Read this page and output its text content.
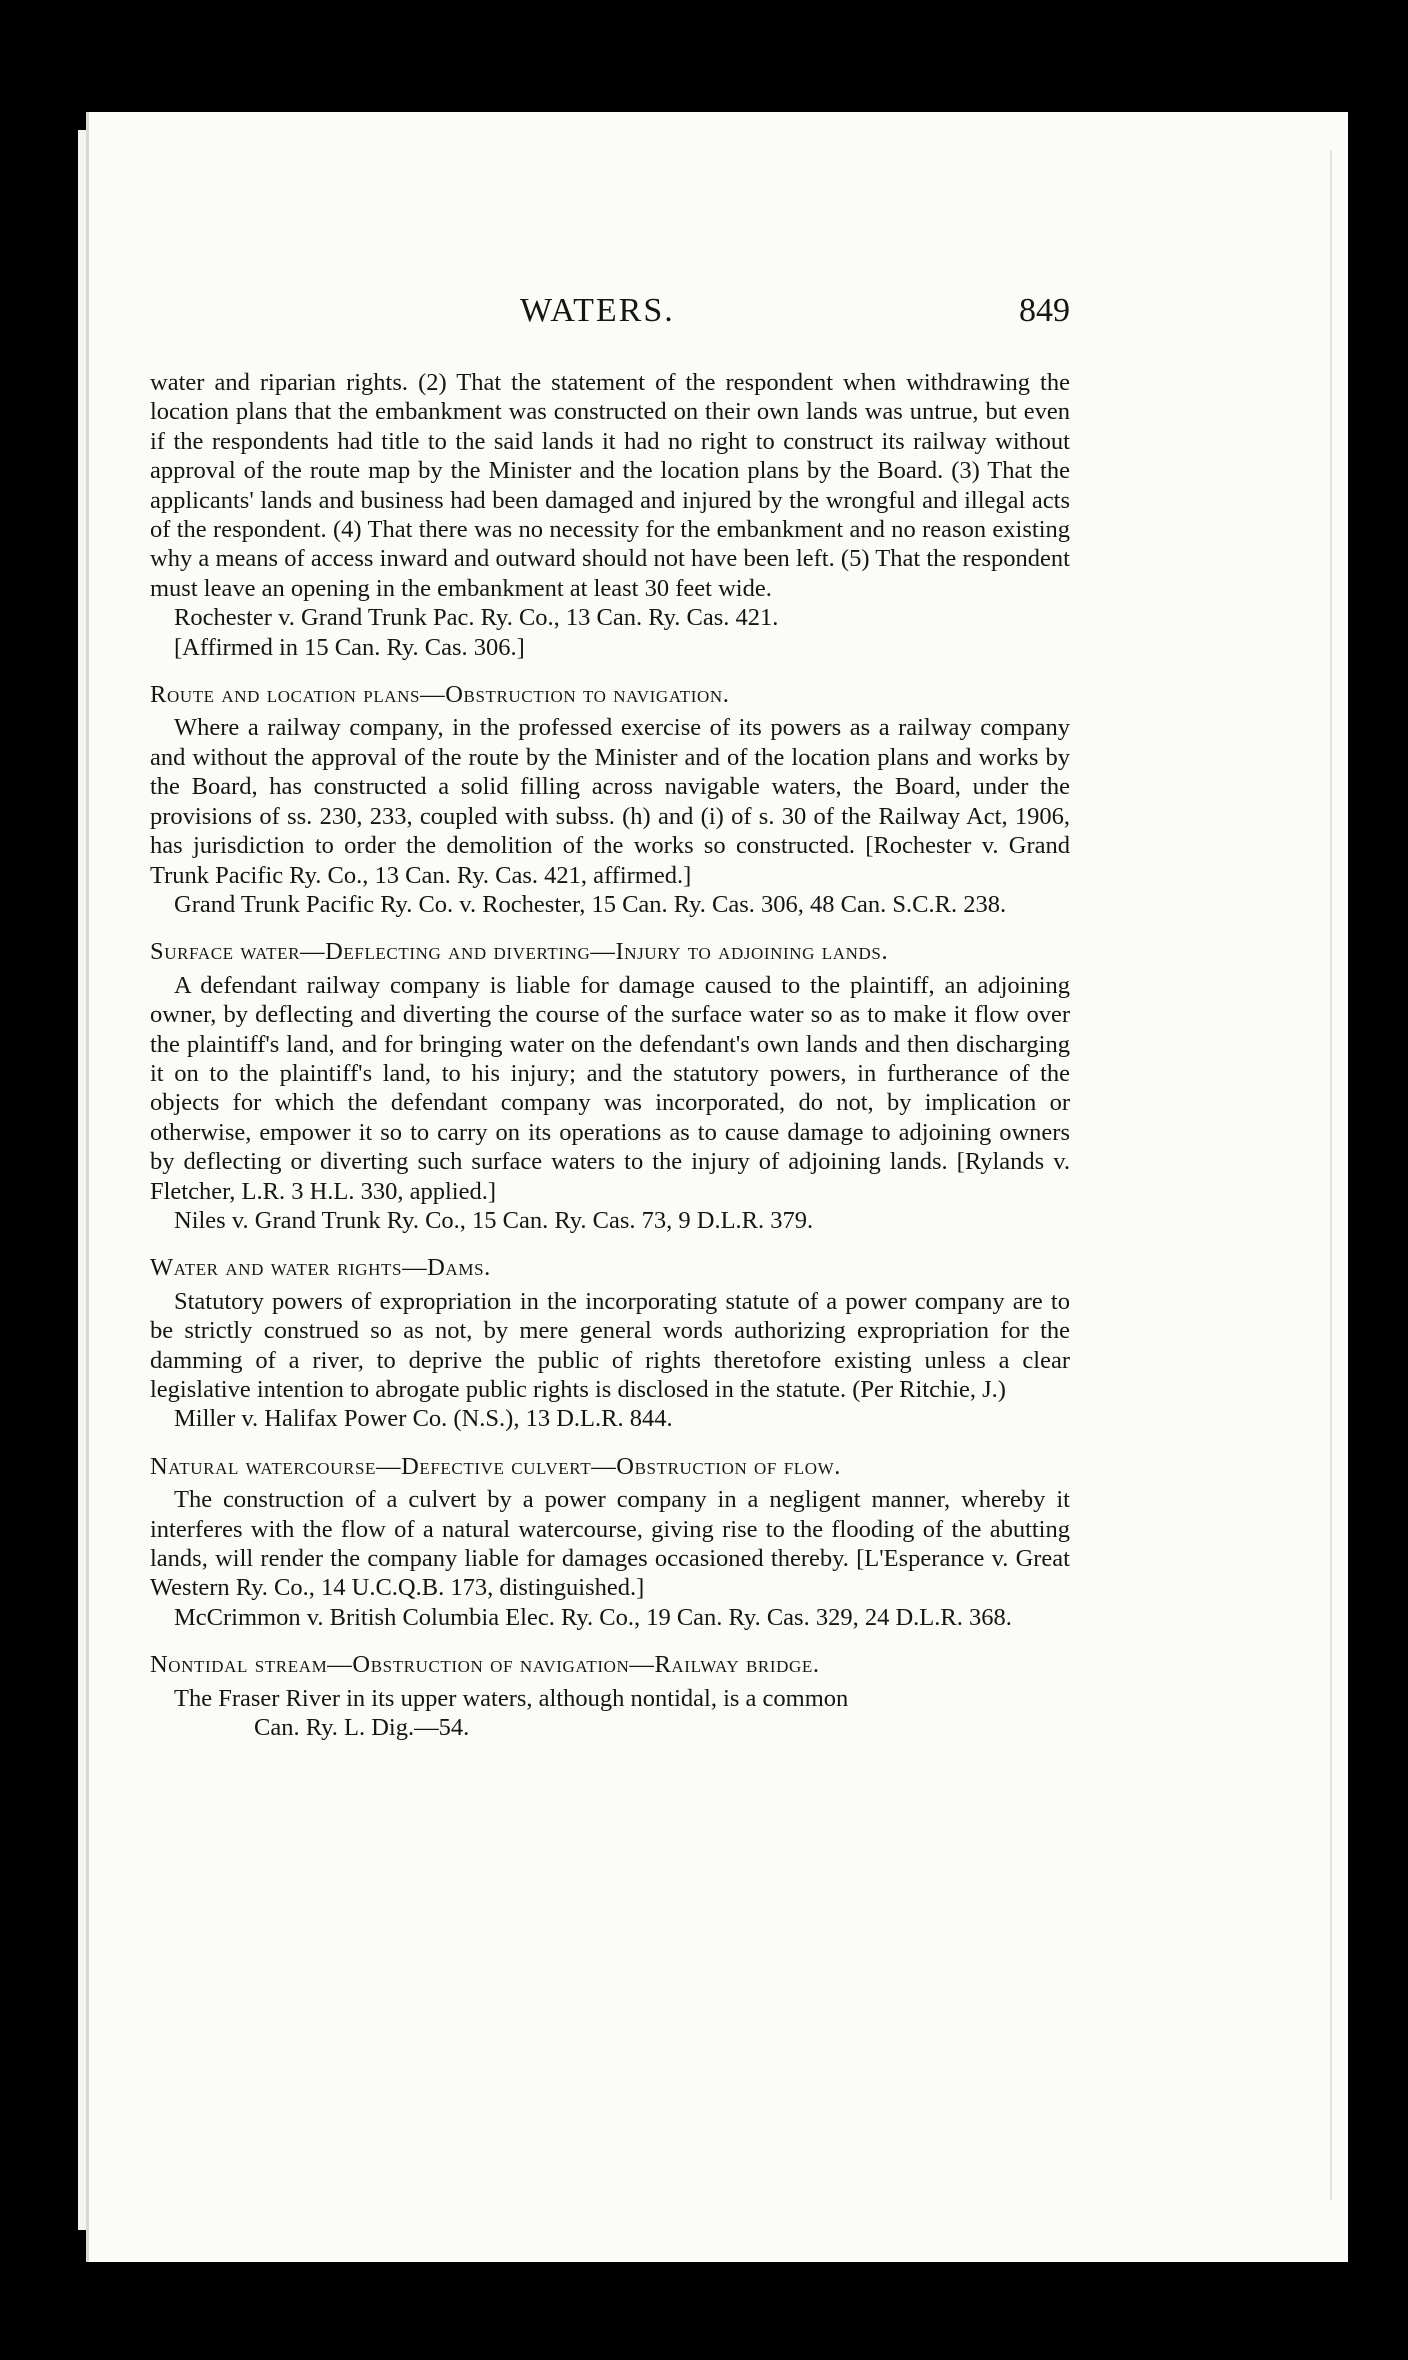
WATERS.	849

water and riparian rights. (2) That the statement of the respondent when withdrawing the location plans that the embankment was constructed on their own lands was untrue, but even if the respondents had title to the said lands it had no right to construct its railway without approval of the route map by the Minister and the location plans by the Board. (3) That the applicants' lands and business had been damaged and injured by the wrongful and illegal acts of the respondent. (4) That there was no necessity for the embankment and no reason existing why a means of access inward and outward should not have been left. (5) That the respondent must leave an opening in the embankment at least 30 feet wide.

Rochester v. Grand Trunk Pac. Ry. Co., 13 Can. Ry. Cas. 421.

[Affirmed in 15 Can. Ry. Cas. 306.]

Route and location plans—Obstruction to navigation.

Where a railway company, in the professed exercise of its powers as a railway company and without the approval of the route by the Minister and of the location plans and works by the Board, has constructed a solid filling across navigable waters, the Board, under the provisions of ss. 230, 233, coupled with subss. (h) and (i) of s. 30 of the Railway Act, 1906, has jurisdiction to order the demolition of the works so constructed. [Rochester v. Grand Trunk Pacific Ry. Co., 13 Can. Ry. Cas. 421, affirmed.]

Grand Trunk Pacific Ry. Co. v. Rochester, 15 Can. Ry. Cas. 306, 48 Can. S.C.R. 238.

Surface water—Deflecting and diverting—Injury to adjoining lands.

A defendant railway company is liable for damage caused to the plaintiff, an adjoining owner, by deflecting and diverting the course of the surface water so as to make it flow over the plaintiff's land, and for bringing water on the defendant's own lands and then discharging it on to the plaintiff's land, to his injury; and the statutory powers, in furtherance of the objects for which the defendant company was incorporated, do not, by implication or otherwise, empower it so to carry on its operations as to cause damage to adjoining owners by deflecting or diverting such surface waters to the injury of adjoining lands. [Rylands v. Fletcher, L.R. 3 H.L. 330, applied.]

Niles v. Grand Trunk Ry. Co., 15 Can. Ry. Cas. 73, 9 D.L.R. 379.

Water and water rights—Dams.

Statutory powers of expropriation in the incorporating statute of a power company are to be strictly construed so as not, by mere general words authorizing expropriation for the damming of a river, to deprive the public of rights theretofore existing unless a clear legislative intention to abrogate public rights is disclosed in the statute. (Per Ritchie, J.)

Miller v. Halifax Power Co. (N.S.), 13 D.L.R. 844.

Natural watercourse—Defective culvert—Obstruction of flow.

The construction of a culvert by a power company in a negligent manner, whereby it interferes with the flow of a natural watercourse, giving rise to the flooding of the abutting lands, will render the company liable for damages occasioned thereby. [L'Esperance v. Great Western Ry. Co., 14 U.C.Q.B. 173, distinguished.]

McCrimmon v. British Columbia Elec. Ry. Co., 19 Can. Ry. Cas. 329, 24 D.L.R. 368.

Nontidal stream—Obstruction of navigation—Railway bridge.

The Fraser River in its upper waters, although nontidal, is a common

Can. Ry. L. Dig.—54.
